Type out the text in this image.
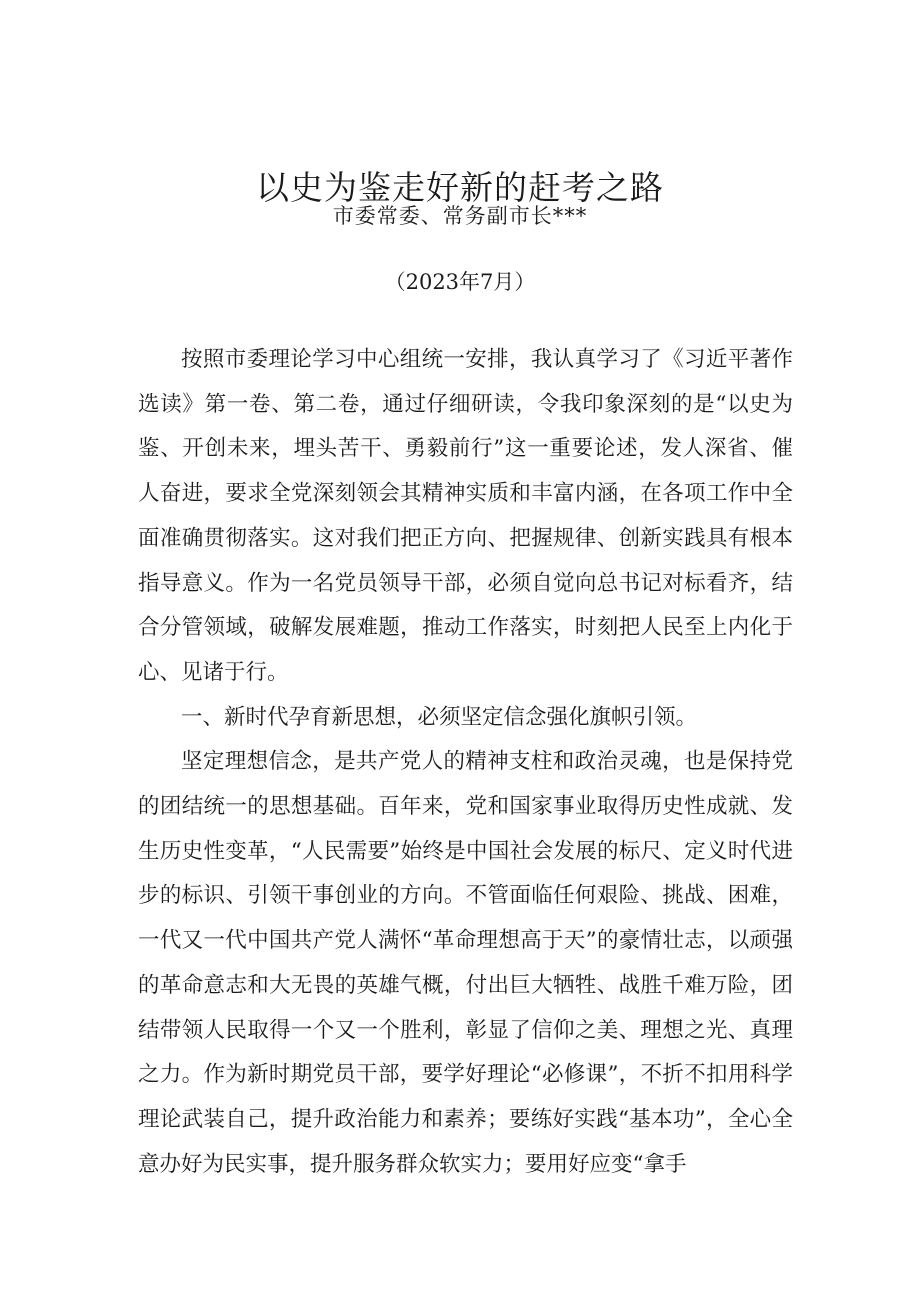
以史为鉴走好新的赶考之路
市委常委、常务副市长***
（2023年7月）

按照市委理论学习中心组统一安排，我认真学习了《习近平著作选读》第一卷、第二卷，通过仔细研读，令我印象深刻的是“以史为鉴、开创未来，埋头苦干、勇毅前行”这一重要论述，发人深省、催人奋进，要求全党深刻领会其精神实质和丰富内涵，在各项工作中全面准确贯彻落实。这对我们把正方向、把握规律、创新实践具有根本指导意义。作为一名党员领导干部，必须自觉向总书记对标看齐，结合分管领域，破解发展难题，推动工作落实，时刻把人民至上内化于心、见诸于行。

一、新时代孕育新思想，必须坚定信念强化旗帜引领。

坚定理想信念，是共产党人的精神支柱和政治灵魂，也是保持党的团结统一的思想基础。百年来，党和国家事业取得历史性成就、发生历史性变革，“人民需要”始终是中国社会发展的标尺、定义时代进步的标识、引领干事创业的方向。不管面临任何艰险、挑战、困难，一代又一代中国共产党人满怀“革命理想高于天”的豪情壮志，以顽强的革命意志和大无畏的英雄气概，付出巨大牺牲、战胜千难万险，团结带领人民取得一个又一个胜利，彰显了信仰之美、理想之光、真理之力。作为新时期党员干部，要学好理论“必修课”，不折不扣用科学理论武装自己，提升政治能力和素养；要练好实践“基本功”，全心全意办好为民实事，提升服务群众软实力；要用好应变“拿手
